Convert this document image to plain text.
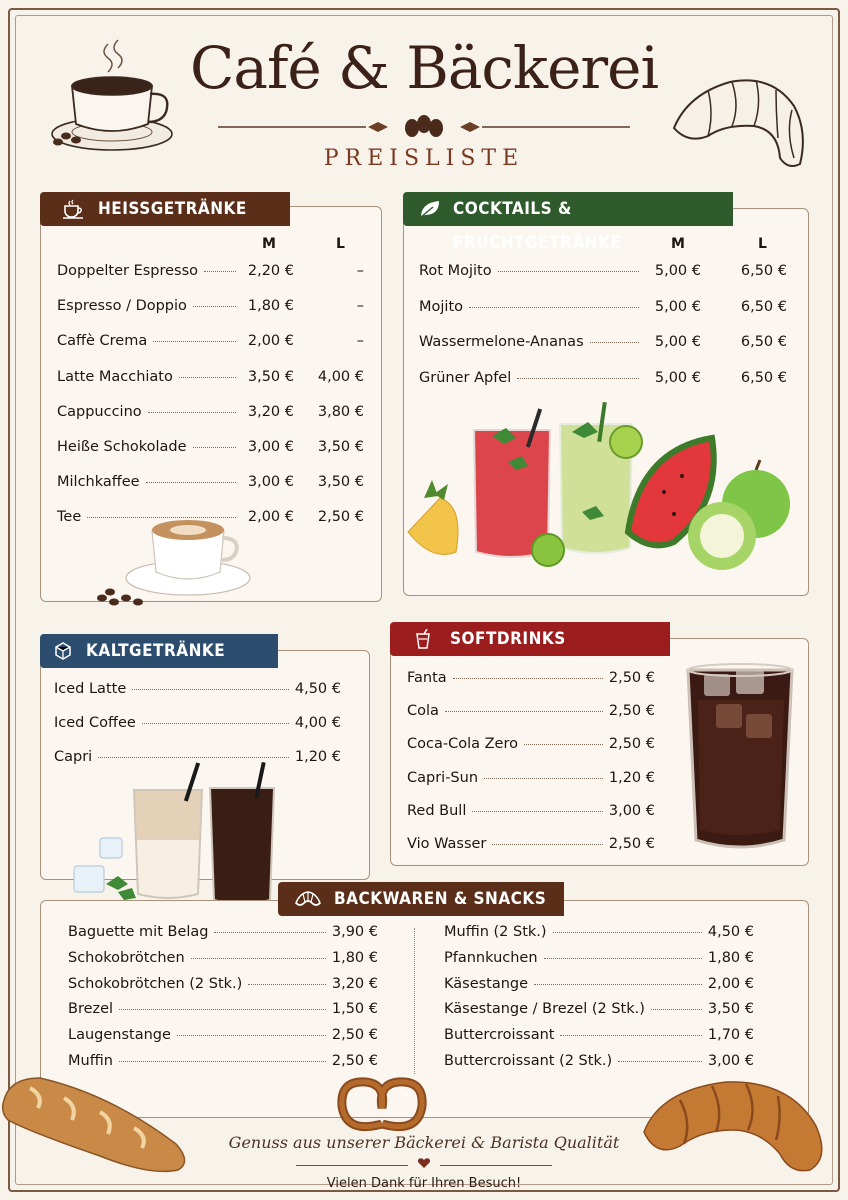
Café & Bäckerei
PREISLISTE
HEISSGETRÄNKE
M	L
Doppelter Espresso	2,20 €	–
Espresso / Doppio	1,80 €	–
Caffè Crema	2,00 €	–
Latte Macchiato	3,50 €	4,00 €
Cappuccino	3,20 €	3,80 €
Heiße Schokolade	3,00 €	3,50 €
Milchkaffee	3,00 €	3,50 €
Tee	2,00 €	2,50 €
COCKTAILS & FRUCHTGETRÄNKE	M	L
Rot Mojito	5,00 €	6,50 €
Mojito	5,00 €	6,50 €
Wassermelone-Ananas	5,00 €	6,50 €
Grüner Apfel	5,00 €	6,50 €
KALTGETRÄNKE
Iced Latte	4,50 €
Iced Coffee	4,00 €
Capri	1,20 €
SOFTDRINKS
Fanta	2,50 €
Cola	2,50 €
Coca-Cola Zero	2,50 €
Capri-Sun	1,20 €
Red Bull	3,00 €
Vio Wasser	2,50 €
BACKWAREN & SNACKS
Baguette mit Belag	3,90 €
Schokobrötchen	1,80 €
Schokobrötchen (2 Stk.)	3,20 €
Brezel	1,50 €
Laugenstange	2,50 €
Muffin	2,50 €
Muffin (2 Stk.)	4,50 €
Pfannkuchen	1,80 €
Käsestange	2,00 €
Käsestange / Brezel (2 Stk.)	3,50 €
Buttercroissant	1,70 €
Buttercroissant (2 Stk.)	3,00 €
Genuss aus unserer Bäckerei & Barista Qualität
Vielen Dank für Ihren Besuch!
